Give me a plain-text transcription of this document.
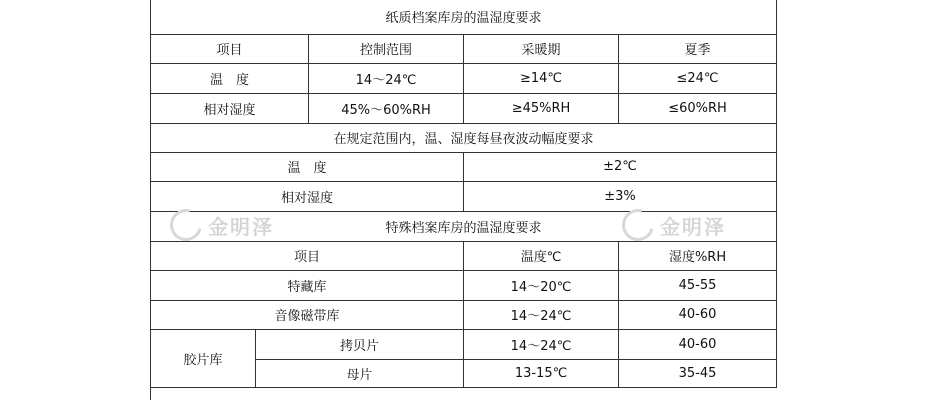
纸质档案库房的温湿度要求				
项目		控制范围	采暖期	夏季
温　度		14～24℃	≥14℃	≤24℃
相对湿度		45%～60%RH	≥45%RH	≤60%RH
在规定范围内，温、湿度每昼夜波动幅度要求				
温　度			±2℃	
相对湿度			±3%	
特殊档案库房的温湿度要求				
项目			温度℃	湿度%RH
特藏库			14～20℃	45-55
音像磁带库			14～24℃	40-60
胶片库	拷贝片		14～24℃	40-60
	母片		13-15℃	35-45
金明泽	金明泽
